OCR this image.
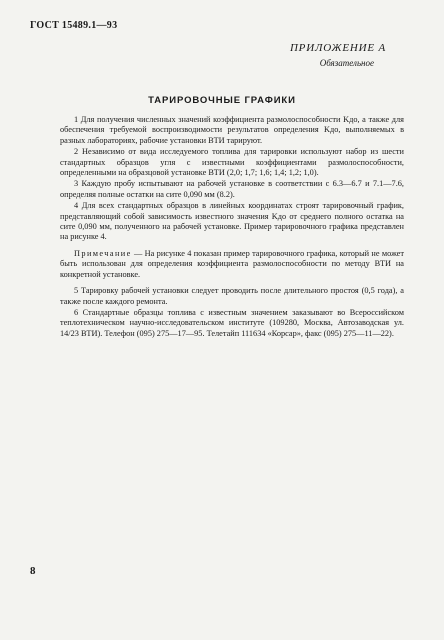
ГОСТ 15489.1—93
ПРИЛОЖЕНИЕ А
Обязательное
ТАРИРОВОЧНЫЕ ГРАФИКИ

1 Для получения численных значений коэффициента размолоспособности Kдо, а также для обеспечения требуемой воспроизводимости результатов определения Kдо, выполняемых в разных лабораториях, рабочие установки ВТИ тарируют.

2 Независимо от вида исследуемого топлива для тарировки используют набор из шести стандартных образцов угля с известными коэффициентами размолоспособности, определенными на образцовой установке ВТИ (2,0; 1,7; 1,6; 1,4; 1,2; 1,0).

3 Каждую пробу испытывают на рабочей установке в соответствии с 6.3—6.7 и 7.1—7.6, определяя полные остатки на сите 0,090 мм (8.2).

4 Для всех стандартных образцов в линейных координатах строят тарировочный график, представляющий собой зависимость известного значения Kдо от среднего полного остатка на сите 0,090 мм, полученного на рабочей установке. Пример тарировочного графика представлен на рисунке 4.

Примечание — На рисунке 4 показан пример тарировочного графика, который не может быть использован для определения коэффициента размолоспособности по методу ВТИ на конкретной установке.

5 Тарировку рабочей установки следует проводить после длительного простоя (0,5 года), а также после каждого ремонта.

6 Стандартные образцы топлива с известным значением заказывают во Всероссийском теплотехническом научно-исследовательском институте (109280, Москва, Автозаводская ул. 14/23 ВТИ). Телефон (095) 275—17—95. Телетайп 111634 «Корсар», факс (095) 275—11—22).

8
